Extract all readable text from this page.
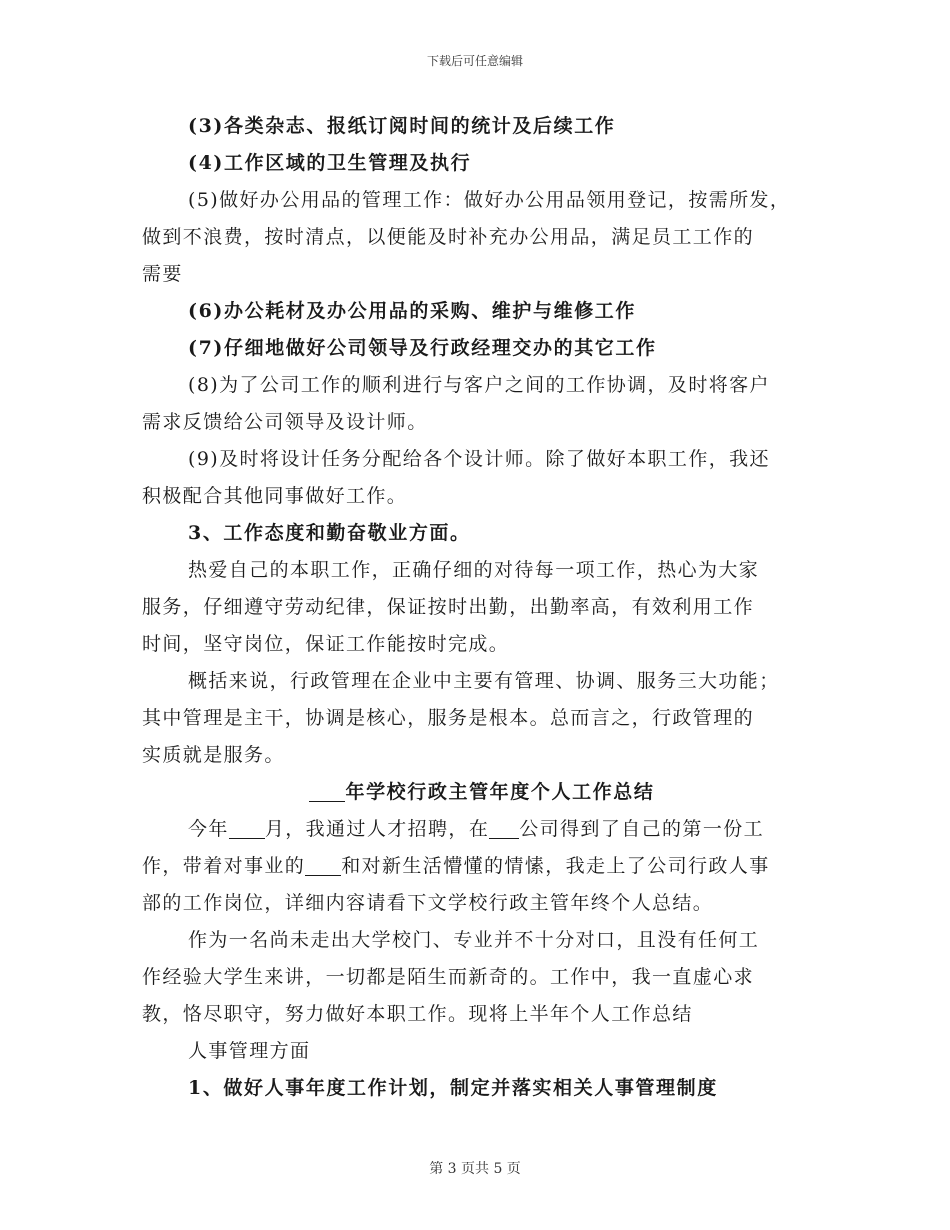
下载后可任意编辑
(3)各类杂志、报纸订阅时间的统计及后续工作
(4)工作区域的卫生管理及执行
(5)做好办公用品的管理工作：做好办公用品领用登记，按需所发，
做到不浪费，按时清点，以便能及时补充办公用品，满足员工工作的
需要
(6)办公耗材及办公用品的采购、维护与维修工作
(7)仔细地做好公司领导及行政经理交办的其它工作
(8)为了公司工作的顺利进行与客户之间的工作协调，及时将客户
需求反馈给公司领导及设计师。
(9)及时将设计任务分配给各个设计师。除了做好本职工作，我还
积极配合其他同事做好工作。
3、工作态度和勤奋敬业方面。
热爱自己的本职工作，正确仔细的对待每一项工作，热心为大家
服务，仔细遵守劳动纪律，保证按时出勤，出勤率高，有效利用工作
时间，坚守岗位，保证工作能按时完成。
概括来说，行政管理在企业中主要有管理、协调、服务三大功能；
其中管理是主干，协调是核心，服务是根本。总而言之，行政管理的
实质就是服务。
年学校行政主管年度个人工作总结
今年 月，我通过人才招聘，在 公司得到了自己的第一份工
作，带着对事业的 和对新生活懵懂的情愫，我走上了公司行政人事
部的工作岗位，详细内容请看下文学校行政主管年终个人总结。
作为一名尚未走出大学校门、专业并不十分对口，且没有任何工
作经验大学生来讲，一切都是陌生而新奇的。工作中，我一直虚心求
教，恪尽职守，努力做好本职工作。现将上半年个人工作总结
人事管理方面
1、做好人事年度工作计划，制定并落实相关人事管理制度
第 3 页共 5 页
